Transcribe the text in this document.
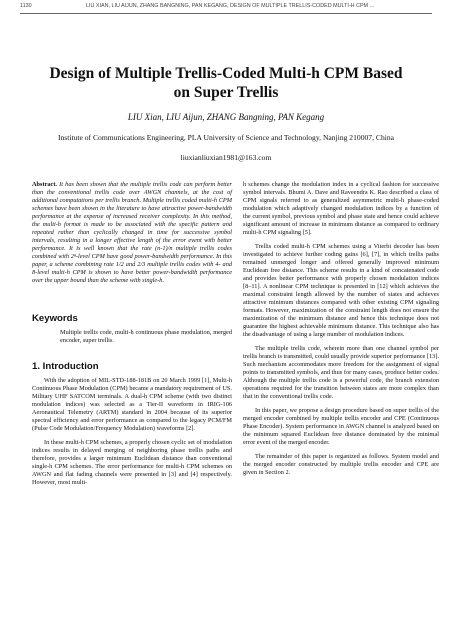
1130	LIU XIAN, LIU AIJUN, ZHANG BANGNING, PAN KEGANG, DESIGN OF MULTIPLE TRELLIS-CODED MULTI-H CPM ...
Design of Multiple Trellis-Coded Multi-h CPM Based on Super Trellis
LIU Xian, LIU Aijun, ZHANG Bangning, PAN Kegang
Institute of Communications Engineering, PLA University of Science and Technology, Nanjing 210007, China
liuxianliuxian1981@163.com
Abstract. It has been shown that the multiple trellis code can perform better than the conventional trellis code over AWGN channels, at the cost of additional computations per trellis branch. Multiple trellis coded multi-h CPM schemes have been shown in the literature to have attractive power-bandwidth performance at the expense of increased receiver complexity. In this method, the multi-h format is made to be associated with the specific pattern and repeated rather than cyclically changed in time for successive symbol intervals, resulting in a longer effective length of the error event with better performance. It is well known that the rate (n-1)/n multiple trellis codes combined with 2ⁿ-level CPM have good power-bandwidth performance. In this paper, a scheme combining rate 1/2 and 2/3 multiple trellis codes with 4- and 8-level multi-h CPM is shown to have better power-bandwidth performance over the upper bound than the scheme with single-h.
Keywords

Multiple trellis code, multi-h continuous phase modulation, merged encoder, super trellis.

1. Introduction

With the adoption of MIL-STD-188-181B on 20 March 1999 [1], Multi-h Continuous Phase Modulation (CPM) became a mandatory requirement of US. Military UHF SATCOM terminals. A dual-h CPM scheme (with two distinct modulation indices) was selected as a Tier-II waveform in IRIG-106 Aeronautical Telemetry (ARTM) standard in 2004 because of its superior spectral efficiency and error performance as compared to the legacy PCM/FM (Pulse Code Modulation/Frequency Modulation) waveforms [2].

In these multi-h CPM schemes, a properly chosen cyclic set of modulation indices results in delayed merging of neighboring phase trellis paths and therefore, provides a larger minimum Euclidean distance than conventional single-h CPM schemes. The error performance for multi-h CPM schemes on AWGN and flat fading channels were presented in [3] and [4] respectively. However, most multi-

h schemes change the modulation index in a cyclical fashion for successive symbol intervals. Bhumi A. Dave and Raveendra K. Rao described a class of CPM signals referred to as generalized asymmetric multi-h phase-coded modulation which adaptively changed modulation indices by a function of the current symbol, previous symbol and phase state and hence could achieve significant amount of increase in minimum distance as compared to ordinary multi-h CPM signaling [5].

Trellis coded multi-h CPM schemes using a Viterbi decoder has been investigated to achieve further coding gains [6], [7], in which trellis paths remained unmerged longer and offered generally improved minimum Euclidean free distance. This scheme results in a kind of concatenated code and provides better performance with properly chosen modulation indices [8–11]. A nonlinear CPM technique is presented in [12] which achieves the maximal constraint length allowed by the number of states and achieves attractive minimum distances compared with other existing CPM signaling formats. However, maximization of the constraint length does not ensure the maximization of the minimum distance and hence this technique does not guarantee the highest achievable minimum distance. This technique also has the disadvantage of using a large number of modulation indices.

The multiple trellis code, wherein more than one channel symbol per trellis branch is transmitted, could usually provide superior performance [13]. Such mechanism accommodates more freedom for the assignment of signal points to transmitted symbols, and thus for many cases, produce better codes. Although the multiple trellis code is a powerful code, the branch extension operations required for the transition between states are more complex than that in the conventional trellis code.

In this paper, we propose a design procedure based on super trellis of the merged encoder combined by multiple trellis encoder and CPE (Continuous Phase Encoder). System performance in AWGN channel is analyzed based on the minimum squared Euclidean free distance dominated by the minimal error event of the merged encoder.

The remainder of this paper is organized as follows. System model and the merged encoder constructed by multiple trellis encoder and CPE are given in Section 2.
